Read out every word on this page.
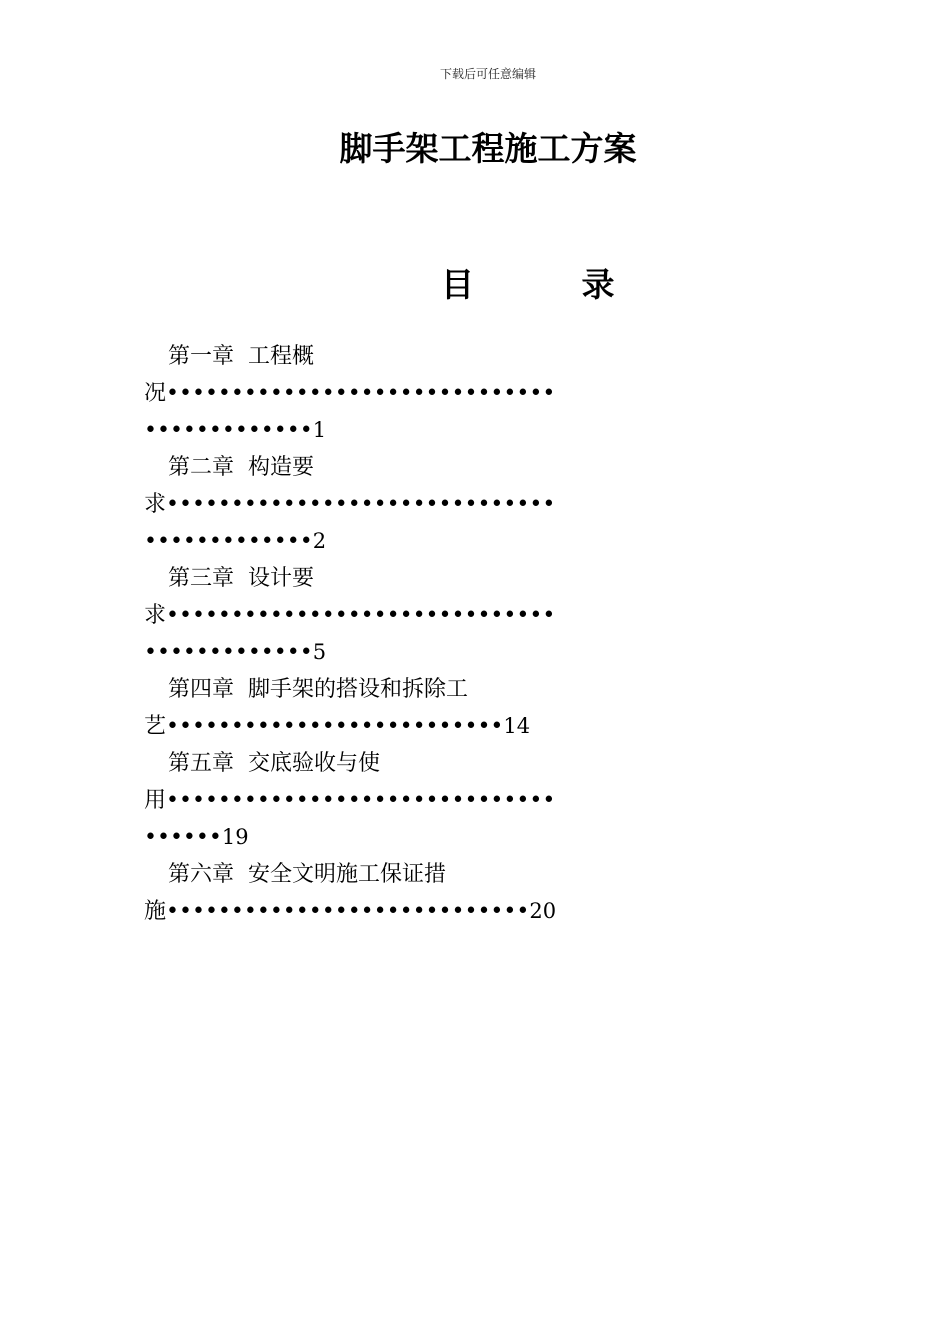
下载后可任意编辑
脚手架工程施工方案
目 录
第一章 工程概
况••••••••••••••••••••••••••••••
•••••••••••••1
第二章 构造要
求••••••••••••••••••••••••••••••
•••••••••••••2
第三章 设计要
求••••••••••••••••••••••••••••••
•••••••••••••5
第四章 脚手架的搭设和拆除工
艺••••••••••••••••••••••••••14
第五章 交底验收与使
用••••••••••••••••••••••••••••••
••••••19
第六章 安全文明施工保证措
施••••••••••••••••••••••••••••20
